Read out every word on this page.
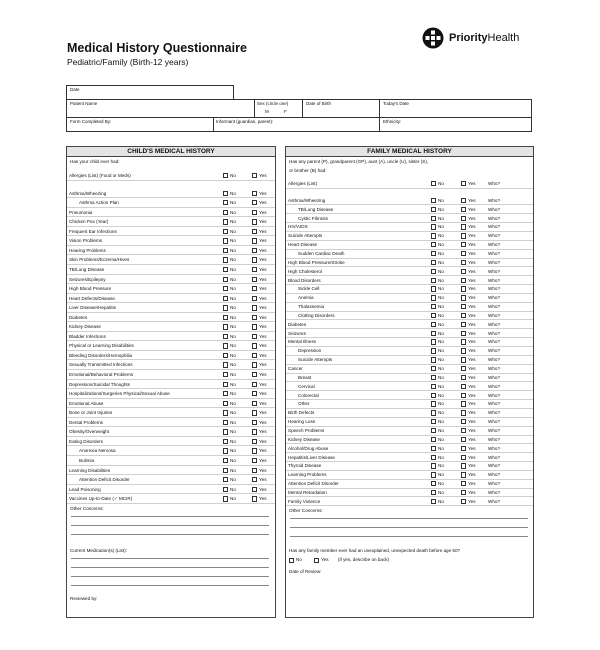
Medical History Questionnaire
Pediatric/Family (Birth-12 years)
PriorityHealth
Date
Patient Name	Sex (circle one)
M	F
Date of Birth	Today's Date
Form Completed By:	Informant (guardian, parent):	Ethnicity:
CHILD'S MEDICAL HISTORY
Has your child ever had:
Allergies (List) (Food or Meds)	No	Yes
Asthma/Wheezing	No	Yes
Asthma Action Plan	No	Yes
Pneumonia	No	Yes
Chicken Pox (Year)	No	Yes
Frequent Ear Infections	No	Yes
Vision Problems	No	Yes
Hearing Problems	No	Yes
Skin Problems/Eczema/Hives	No	Yes
TB/Lung Disease	No	Yes
Seizures/Epilepsy	No	Yes
High Blood Pressure	No	Yes
Heart Defects/Disease	No	Yes
Liver Disease/Hepatitis	No	Yes
Diabetes	No	Yes
Kidney Disease	No	Yes
Bladder Infections	No	Yes
Physical or Learning Disabilities	No	Yes
Bleeding Disorders/Hemophilia	No	Yes
Sexually Transmitted Infections	No	Yes
Emotional/Behavioral Problems	No	Yes
Depression/Suicidal Thoughts	No	Yes
Hospitalizations/Surgeries Physical/Sexual Abuse	No	Yes
Emotional Abuse	No	Yes
Bone or Joint Injuries	No	Yes
Dental Problems	No	Yes
Obesity/Overweight	No	Yes
Eating Disorders	No	Yes
Anorexia Nervosa	No	Yes
Bulimia	No	Yes
Learning Disabilities	No	Yes
Attention Deficit Disorder	No	Yes
Lead Poisoning	No	Yes
Vaccines Up-to-Date (✓ MCIR)	No	Yes
Other Concerns:
Current Medication(s) (List):
Reviewed by:
FAMILY MEDICAL HISTORY
Has any parent (P), grandparent (GP), aunt (A), uncle (U), sister (S),
or brother (B) had:
Allergies (List)	No	Yes	Who?
Asthma/Wheezing	No	Yes	Who?
TB/Lung Disease	No	Yes	Who?
Cystic Fibrosis	No	Yes	Who?
HIV/AIDS	No	Yes	Who?
Suicide Attempts	No	Yes	Who?
Heart Disease	No	Yes	Who?
Sudden Cardiac Death	No	Yes	Who?
High Blood Pressure/Stroke	No	Yes	Who?
High Cholesterol	No	Yes	Who?
Blood Disorders	No	Yes	Who?
Sickle Cell	No	Yes	Who?
Anemia	No	Yes	Who?
Thalassemia	No	Yes	Who?
Clotting Disorders	No	Yes	Who?
Diabetes	No	Yes	Who?
Seizures	No	Yes	Who?
Mental Illness	No	Yes	Who?
Depression	No	Yes	Who?
Suicide Attempts	No	Yes	Who?
Cancer	No	Yes	Who?
Breast	No	Yes	Who?
Cervical	No	Yes	Who?
Colorectal	No	Yes	Who?
Other	No	Yes	Who?
Birth Defects	No	Yes	Who?
Hearing Loss	No	Yes	Who?
Speech Problems	No	Yes	Who?
Kidney Disease	No	Yes	Who?
Alcohol/Drug Abuse	No	Yes	Who?
Hepatitis/Liver Disease	No	Yes	Who?
Thyroid Disease	No	Yes	Who?
Learning Problems	No	Yes	Who?
Attention Deficit Disorder	No	Yes	Who?
Mental Retardation	No	Yes	Who?
Family Violence	No	Yes	Who?
Other Concerns:
Has any family member ever had an unexplained, unexpected death before age 50?
No	Yes (if yes, describe on back)
Date of Review:
